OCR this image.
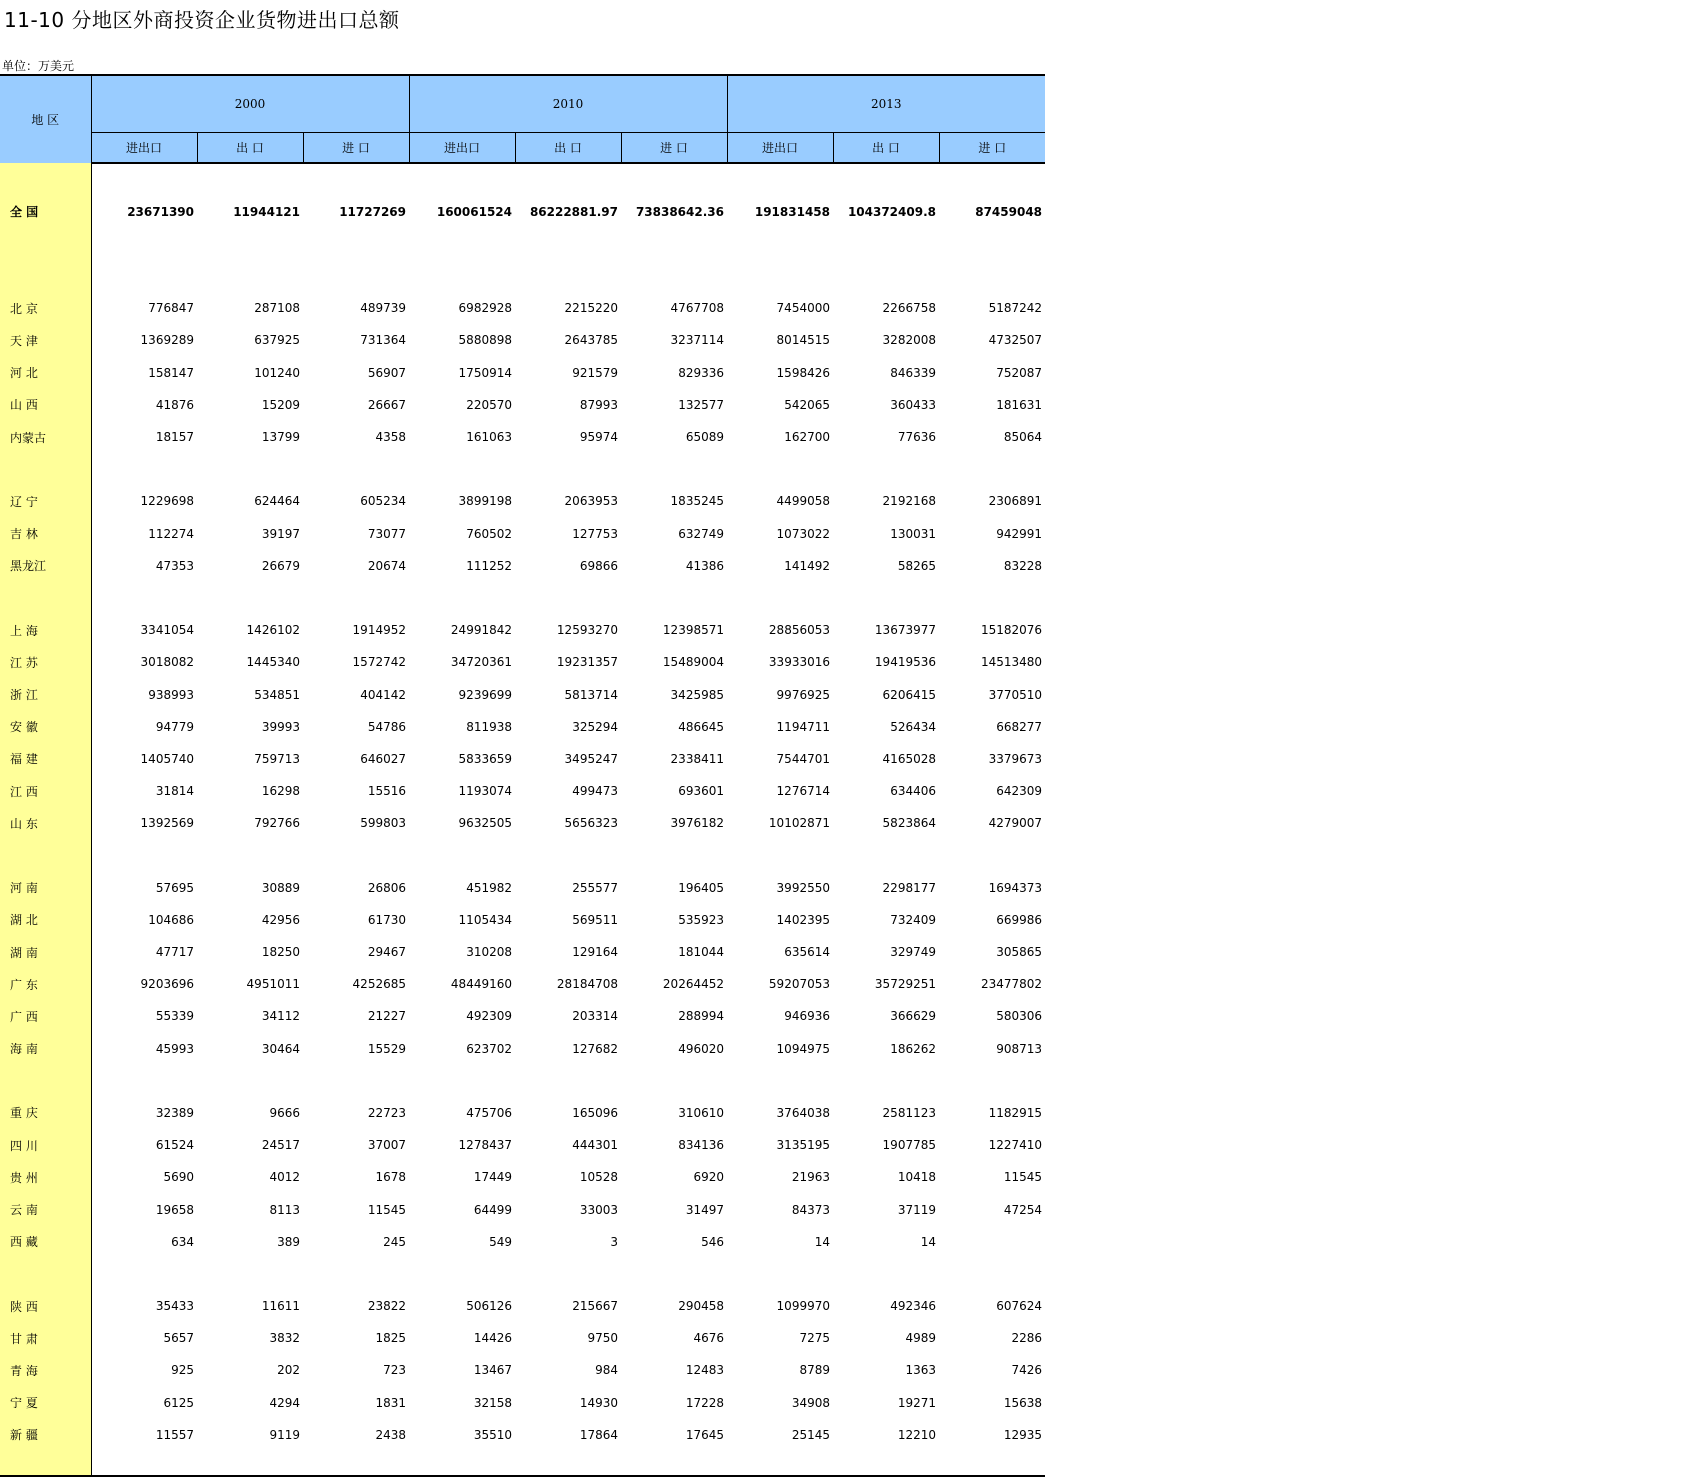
11-10 分地区外商投资企业货物进出口总额
单位：万美元
地 区	2000			2010			2013		
	进出口	出 口	进 口	进出口	出 口	进 口	进出口	出 口	进 口
全 国	23671390	11944121	11727269	160061524	86222881.97	73838642.36	191831458	104372409.8	87459048

北 京	776847	287108	489739	6982928	2215220	4767708	7454000	2266758	5187242
天 津	1369289	637925	731364	5880898	2643785	3237114	8014515	3282008	4732507
河 北	158147	101240	56907	1750914	921579	829336	1598426	846339	752087
山 西	41876	15209	26667	220570	87993	132577	542065	360433	181631
内蒙古	18157	13799	4358	161063	95974	65089	162700	77636	85064

辽 宁	1229698	624464	605234	3899198	2063953	1835245	4499058	2192168	2306891
吉 林	112274	39197	73077	760502	127753	632749	1073022	130031	942991
黑龙江	47353	26679	20674	111252	69866	41386	141492	58265	83228

上 海	3341054	1426102	1914952	24991842	12593270	12398571	28856053	13673977	15182076
江 苏	3018082	1445340	1572742	34720361	19231357	15489004	33933016	19419536	14513480
浙 江	938993	534851	404142	9239699	5813714	3425985	9976925	6206415	3770510
安 徽	94779	39993	54786	811938	325294	486645	1194711	526434	668277
福 建	1405740	759713	646027	5833659	3495247	2338411	7544701	4165028	3379673
江 西	31814	16298	15516	1193074	499473	693601	1276714	634406	642309
山 东	1392569	792766	599803	9632505	5656323	3976182	10102871	5823864	4279007

河 南	57695	30889	26806	451982	255577	196405	3992550	2298177	1694373
湖 北	104686	42956	61730	1105434	569511	535923	1402395	732409	669986
湖 南	47717	18250	29467	310208	129164	181044	635614	329749	305865
广 东	9203696	4951011	4252685	48449160	28184708	20264452	59207053	35729251	23477802
广 西	55339	34112	21227	492309	203314	288994	946936	366629	580306
海 南	45993	30464	15529	623702	127682	496020	1094975	186262	908713

重 庆	32389	9666	22723	475706	165096	310610	3764038	2581123	1182915
四 川	61524	24517	37007	1278437	444301	834136	3135195	1907785	1227410
贵 州	5690	4012	1678	17449	10528	6920	21963	10418	11545
云 南	19658	8113	11545	64499	33003	31497	84373	37119	47254
西 藏	634	389	245	549	3	546	14	14	

陕 西	35433	11611	23822	506126	215667	290458	1099970	492346	607624
甘 肃	5657	3832	1825	14426	9750	4676	7275	4989	2286
青 海	925	202	723	13467	984	12483	8789	1363	7426
宁 夏	6125	4294	1831	32158	14930	17228	34908	19271	15638
新 疆	11557	9119	2438	35510	17864	17645	25145	12210	12935
